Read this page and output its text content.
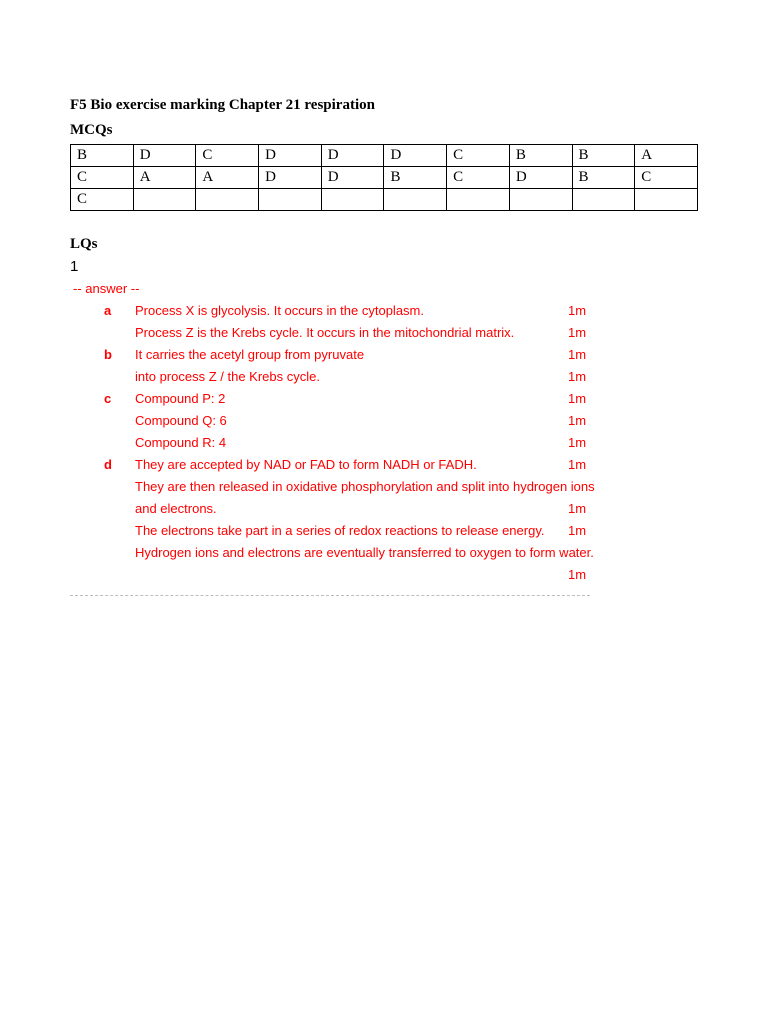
F5 Bio exercise marking Chapter 21 respiration
MCQs
B	D	C	D	D	D	C	B	B	A
C	A	A	D	D	B	C	D	B	C
C									
LQs
1
-- answer --
a Process X is glycolysis. It occurs in the cytoplasm.	1m
Process Z is the Krebs cycle. It occurs in the mitochondrial matrix.	1m
b It carries the acetyl group from pyruvate	1m
into process Z / the Krebs cycle.	1m
c Compound P: 2	1m
Compound Q: 6	1m
Compound R: 4	1m
d They are accepted by NAD or FAD to form NADH or FADH.	1m
They are then released in oxidative phosphorylation and split into hydrogen ions
and electrons.	1m
The electrons take part in a series of redox reactions to release energy. 1m
Hydrogen ions and electrons are eventually transferred to oxygen to form water.
1m
